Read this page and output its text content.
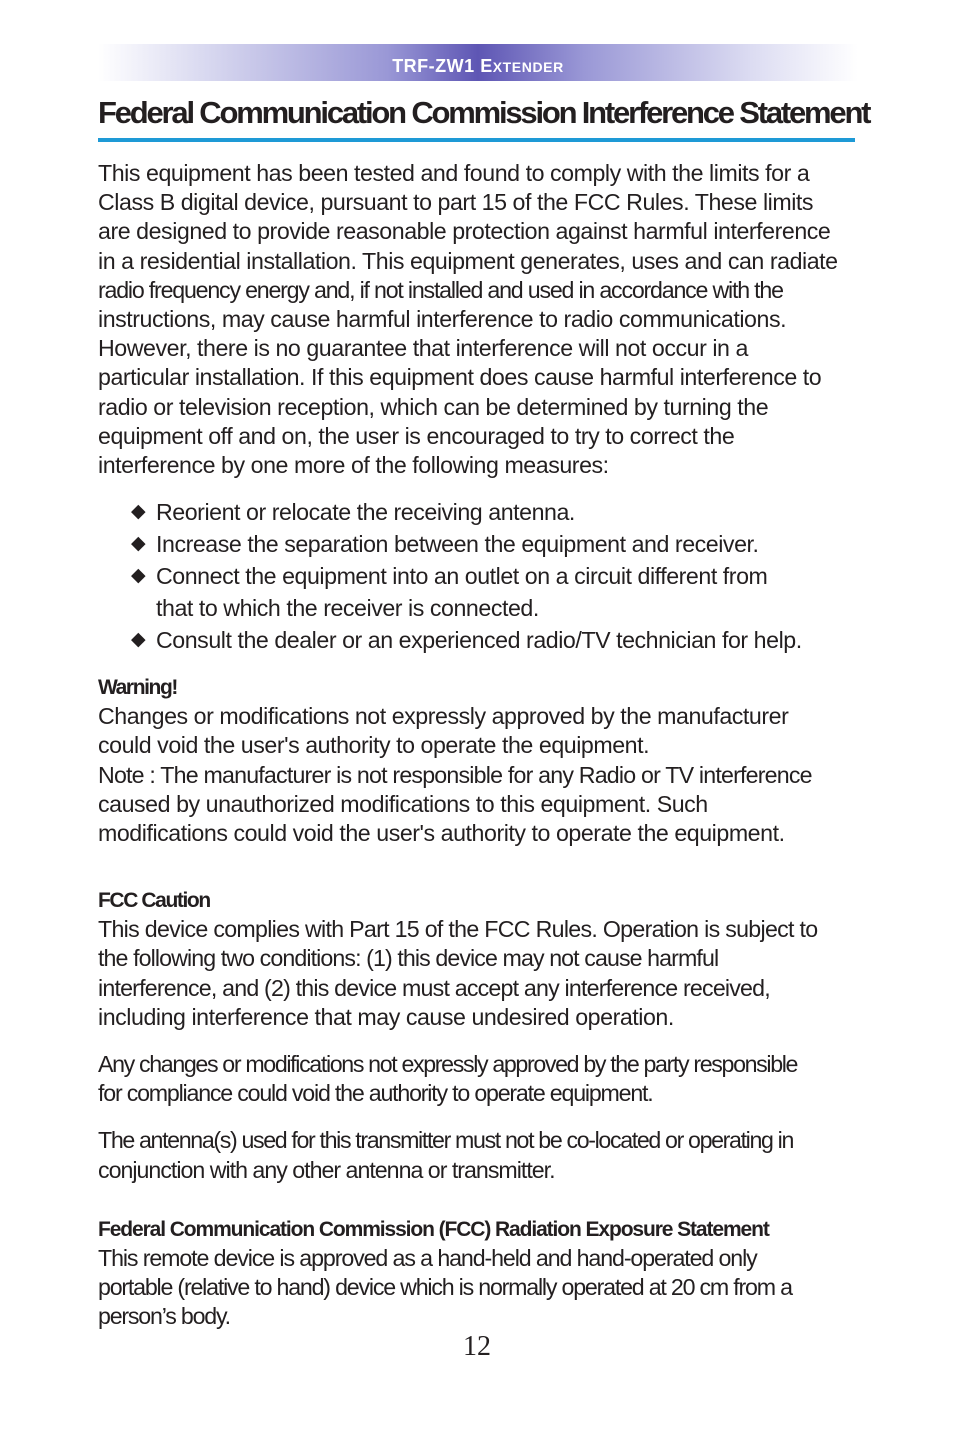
TRF-ZW1 EXTENDER
Federal Communication Commission Interference Statement

This equipment has been tested and found to comply with the limits for a
Class B digital device, pursuant to part 15 of the FCC Rules. These limits
are designed to provide reasonable protection against harmful interference
in a residential installation. This equipment generates, uses and can radiate
radio frequency energy and, if not installed and used in accordance with the
instructions, may cause harmful interference to radio communications.
However, there is no guarantee that interference will not occur in a
particular installation. If this equipment does cause harmful interference to
radio or television reception, which can be determined by turning the
equipment off and on, the user is encouraged to try to correct the
interference by one more of the following measures:

◆ Reorient or relocate the receiving antenna.
◆ Increase the separation between the equipment and receiver.
◆ Connect the equipment into an outlet on a circuit different from
that to which the receiver is connected.
◆ Consult the dealer or an experienced radio/TV technician for help.
Warning!

Changes or modifications not expressly approved by the manufacturer
could void the user's authority to operate the equipment.
Note : The manufacturer is not responsible for any Radio or TV interference
caused by unauthorized modifications to this equipment. Such
modifications could void the user's authority to operate the equipment.

FCC Caution

This device complies with Part 15 of the FCC Rules. Operation is subject to
the following two conditions: (1) this device may not cause harmful
interference, and (2) this device must accept any interference received,
including interference that may cause undesired operation.

Any changes or modifications not expressly approved by the party responsible
for compliance could void the authority to operate equipment.

The antenna(s) used for this transmitter must not be co-located or operating in
conjunction with any other antenna or transmitter.

Federal Communication Commission (FCC) Radiation Exposure Statement

This remote device is approved as a hand-held and hand-operated only
portable (relative to hand) device which is normally operated at 20 cm from a
person’s body.

12
